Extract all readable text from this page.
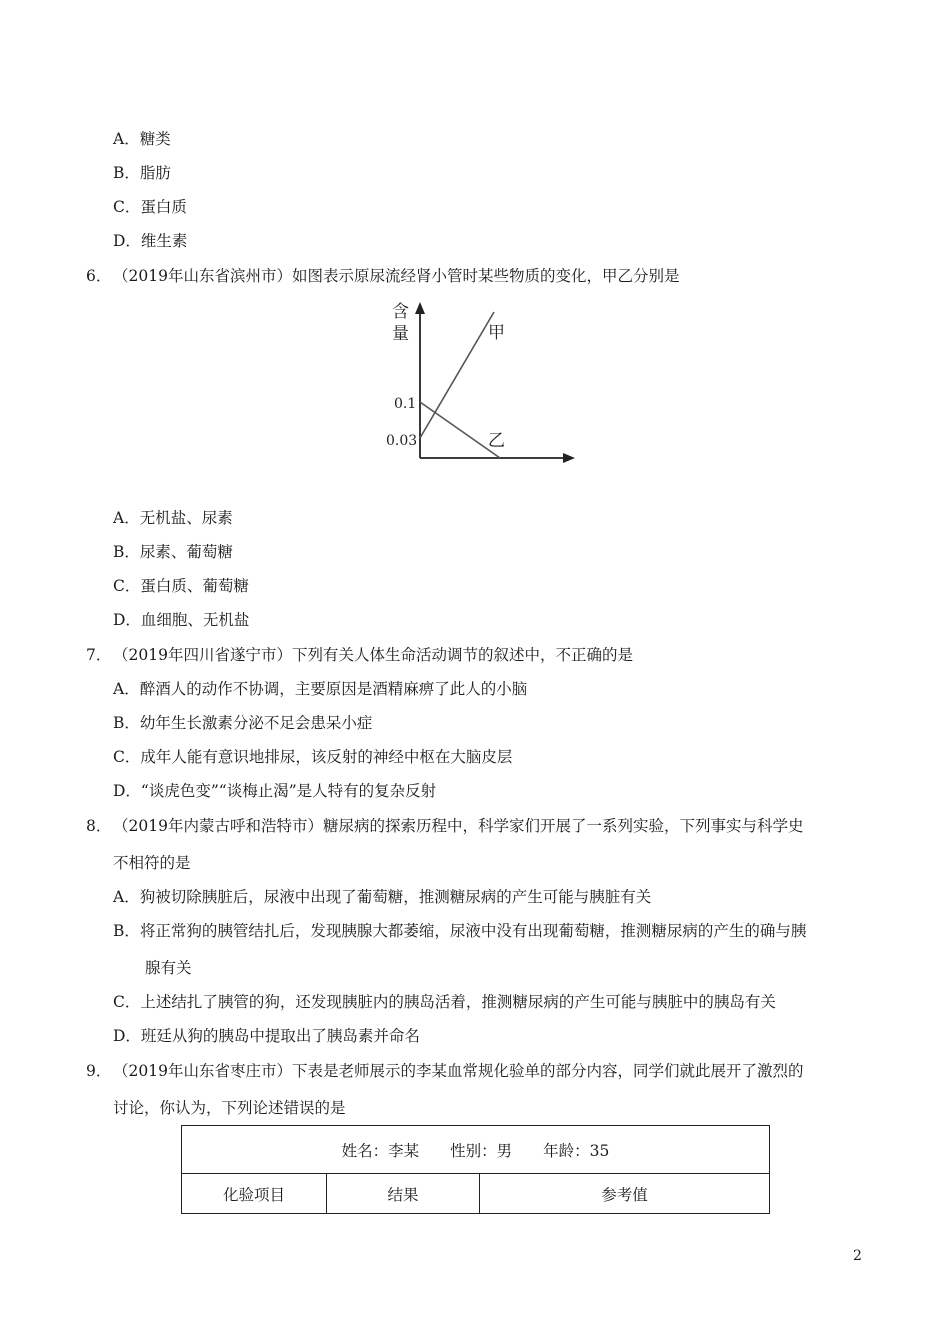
A．糖类
B．脂肪
C．蛋白质
D．维生素
6． （2019年山东省滨州市）如图表示原尿流经肾小管时某些物质的变化，甲乙分别是
含
量	甲
乙
0.1
0.03
A．无机盐、尿素
B．尿素、葡萄糖
C．蛋白质、葡萄糖
D．血细胞、无机盐
7． （2019年四川省遂宁市）下列有关人体生命活动调节的叙述中，不正确的是
A．醉酒人的动作不协调，主要原因是酒精麻痹了此人的小脑
B．幼年生长激素分泌不足会患呆小症
C．成年人能有意识地排尿，该反射的神经中枢在大脑皮层
D．“谈虎色变”“谈梅止渴”是人特有的复杂反射
8． （2019年内蒙古呼和浩特市）糖尿病的探索历程中，科学家们开展了一系列实验，下列事实与科学史
不相符的是
A．狗被切除胰脏后，尿液中出现了葡萄糖，推测糖尿病的产生可能与胰脏有关
B．将正常狗的胰管结扎后，发现胰腺大都萎缩，尿液中没有出现葡萄糖，推测糖尿病的产生的确与胰
腺有关
C．上述结扎了胰管的狗，还发现胰脏内的胰岛活着，推测糖尿病的产生可能与胰脏中的胰岛有关
D．班廷从狗的胰岛中提取出了胰岛素并命名
9． （2019年山东省枣庄市）下表是老师展示的李某血常规化验单的部分内容，同学们就此展开了激烈的
讨论，你认为，下列论述错误的是
姓名：李某　　性别：男　　年龄：35
化验项目	结果	参考值
2
